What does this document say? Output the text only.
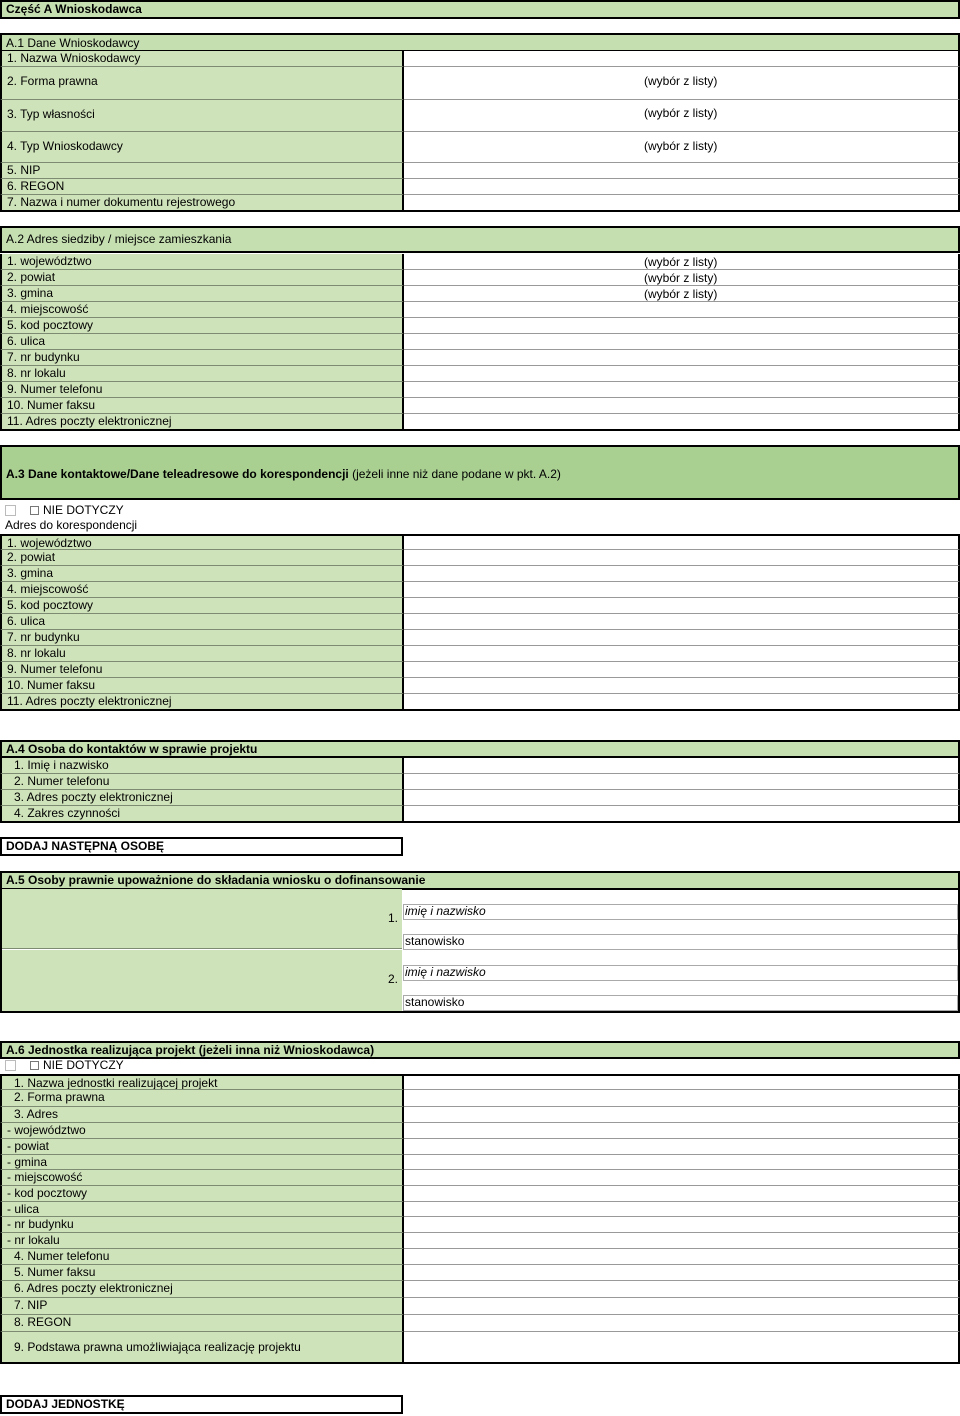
Część A Wnioskodawca
A.1 Dane Wnioskodawcy
1. Nazwa Wnioskodawcy
2. Forma prawna
3. Typ własności
4. Typ Wnioskodawcy
5. NIP
6. REGON
7. Nazwa i numer dokumentu rejestrowego
(wybór z listy)
(wybór z listy)
(wybór z listy)
A.2 Adres siedziby / miejsce zamieszkania
1. województwo
2. powiat
3. gmina
4. miejscowość
5. kod pocztowy
6. ulica
7. nr budynku
8. nr lokalu
9. Numer telefonu
10. Numer faksu
11. Adres poczty elektronicznej
(wybór z listy)
(wybór z listy)
(wybór z listy)
A.3 Dane kontaktowe/Dane teleadresowe do korespondencji (jeżeli inne niż dane podane w pkt. A.2)
NIE DOTYCZY
Adres do korespondencji
1. województwo
2. powiat
3. gmina
4. miejscowość
5. kod pocztowy
6. ulica
7. nr budynku
8. nr lokalu
9. Numer telefonu
10. Numer faksu
11. Adres poczty elektronicznej
A.4 Osoba do kontaktów w sprawie projektu
1. Imię i nazwisko
2. Numer telefonu
3. Adres poczty elektronicznej
4. Zakres czynności
DODAJ NASTĘPNĄ OSOBĘ
A.5 Osoby prawnie upoważnione do składania wniosku o dofinansowanie
1.
2.
imię i nazwisko
stanowisko
imię i nazwisko
stanowisko
A.6 Jednostka realizująca projekt (jeżeli inna niż Wnioskodawca)
NIE DOTYCZY
1. Nazwa jednostki realizującej projekt
2. Forma prawna
3. Adres
- województwo
- powiat
- gmina
- miejscowość
- kod pocztowy
- ulica
- nr budynku
- nr lokalu
4. Numer telefonu
5. Numer faksu
6. Adres poczty elektronicznej
7. NIP
8. REGON
9. Podstawa prawna umożliwiająca realizację projektu
DODAJ JEDNOSTKĘ
